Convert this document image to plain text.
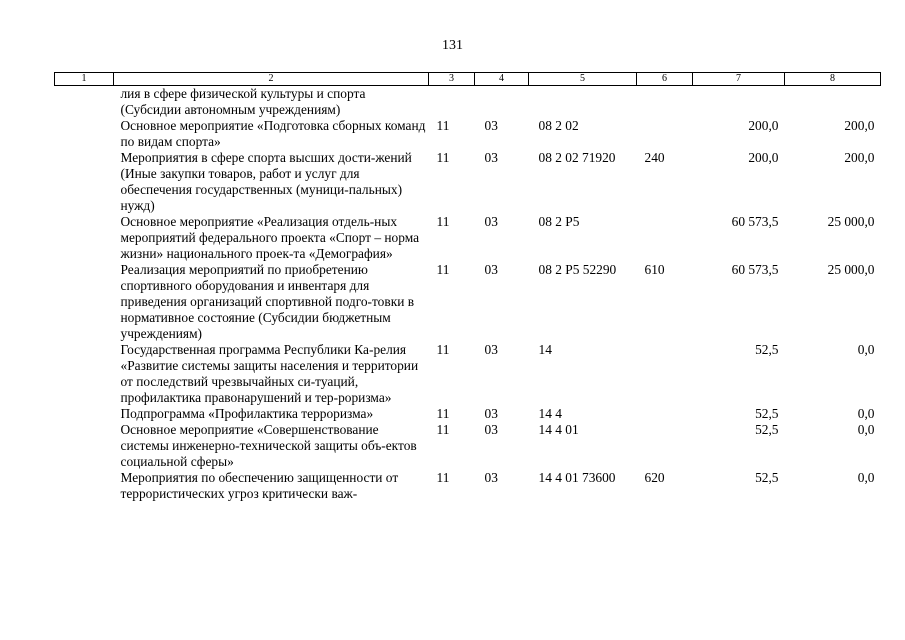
131
1	2	3	4	5	6	7	8
	лия в сфере физической культуры и спорта (Субсидии автономным учреждениям)						
	Основное мероприятие «Подготовка сборных команд по видам спорта»	11	03	08 2 02		200,0	200,0
	Мероприятия в сфере спорта высших дости-жений (Иные закупки товаров, работ и услуг для обеспечения государственных (муници-пальных) нужд)	11	03	08 2 02 71920	240	200,0	200,0
	Основное мероприятие «Реализация отдель-ных мероприятий федерального проекта «Спорт – норма жизни» национального проек-та «Демография»	11	03	08 2 P5		60 573,5	25 000,0
	Реализация мероприятий по приобретению спортивного оборудования и инвентаря для приведения организаций спортивной подго-товки в нормативное состояние (Субсидии бюджетным учреждениям)	11	03	08 2 P5 52290	610	60 573,5	25 000,0
	Государственная программа Республики Ка-релия «Развитие системы защиты населения и территории от последствий чрезвычайных си-туаций, профилактика правонарушений и тер-роризма»	11	03	14		52,5	0,0
	Подпрограмма «Профилактика терроризма»	11	03	14 4		52,5	0,0
	Основное мероприятие «Совершенствование системы инженерно-технической защиты объ-ектов социальной сферы»	11	03	14 4 01		52,5	0,0
	Мероприятия по обеспечению защищенности от террористических угроз критически важ-	11	03	14 4 01 73600	620	52,5	0,0
